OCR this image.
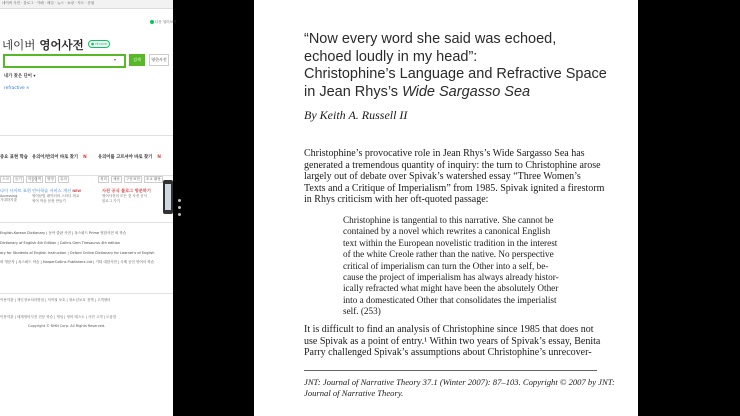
네이버 사전 · 블로그 · 카페 · 메일 · 뉴스 · 쇼핑 · 지도 · 증권
다문 열어보기
네이버 영어사전	● Mobile
▾	검색	영한사전
내가 찾은 단어 ▾
refractive ×
중요 표현 학습
스크 듣기 학습
유의어/반의어 바로 찾기 N
검색 영영 유의
유의어를 고르셔야 바로 찾기 N
정의 예문 구문표현 조교 활용
나이 사이트 표현
Accessing
기대하지말
언어학습 서비스 개선 NEW
영어문법 데이터의 스터디 비교
영어 학습 문장 만들기
사전 공식 블로그 방문하기
영어사전의 모든 것 사전 공식
블로그 가기
English-Korean Dictionary | 동아 출판 사전 | 옥스퍼드 Prime 영한사전 외 학습
Dictionary of English 4th Edition | Collins Gem Thesaurus 4th edition
ary for Students of English Instruction | Oxford Online Dictionary for Learner's of English
외 영문자 | 옥스퍼드 학습 | HarperCollins Publishers Ltd | 기타 대한사전 | 국제 공인 언어서 학습
이용약관 | 개인정보처리방침 | 저작권 보호 | 청소년보호 정책 | 고객센터
이용약관 | 세계영어사전 전문 학습 | 게임 | 영어 테스트 | 사전 고객 | 도움말
Copyright © NHN Corp. All Rights Reserved.
“Now every word she said was echoed,
echoed loudly in my head”:
Christophine’s Language and Refractive Space
in Jean Rhys’s Wide Sargasso Sea
By Keith A. Russell II
Christophine’s provocative role in Jean Rhys’s Wide Sargasso Sea has
generated a tremendous quantity of inquiry: the turn to Christophine arose
largely out of debate over Spivak’s watershed essay “Three Women’s
Texts and a Critique of Imperialism” from 1985. Spivak ignited a firestorm
in Rhys criticism with her oft-quoted passage:
Christophine is tangential to this narrative. She cannot be
contained by a novel which rewrites a canonical English
text within the European novelistic tradition in the interest
of the white Creole rather than the native. No perspective
critical of imperialism can turn the Other into a self, be-
cause the project of imperialism has always already histor-
ically refracted what might have been the absolutely Other
into a domesticated Other that consolidates the imperialist
self. (253)
It is difficult to find an analysis of Christophine since 1985 that does not
use Spivak as a point of entry.¹ Within two years of Spivak’s essay, Benita
Parry challenged Spivak’s assumptions about Christophine’s unrecover-
JNT: Journal of Narrative Theory 37.1 (Winter 2007): 87–103. Copyright © 2007 by JNT:
Journal of Narrative Theory.
